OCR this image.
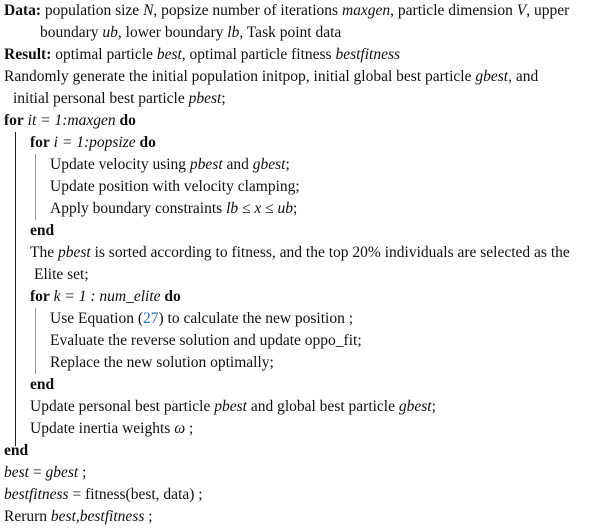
Data: population size N, popsize number of iterations maxgen, particle dimension V, upper
boundary ub, lower boundary lb, Task point data
Result: optimal particle best, optimal particle fitness bestfitness
Randomly generate the initial population initpop, initial global best particle gbest, and
initial personal best particle pbest;
for it = 1:maxgen do
for i = 1:popsize do
Update velocity using pbest and gbest;
Update position with velocity clamping;
Apply boundary constraints lb ≤ x ≤ ub;
end
The pbest is sorted according to fitness, and the top 20% individuals are selected as the
Elite set;
for k = 1 : num_elite do
Use Equation (27) to calculate the new position ;
Evaluate the reverse solution and update oppo_fit;
Replace the new solution optimally;
end
Update personal best particle pbest and global best particle gbest;
Update inertia weights ω ;
end
best = gbest ;
bestfitness = fitness(best, data) ;
Rerurn best,bestfitness ;
